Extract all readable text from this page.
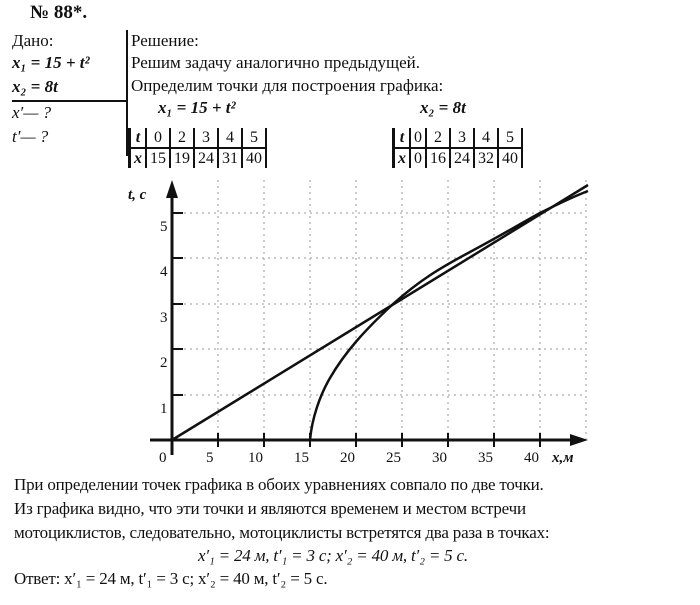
№ 88*.
Дано:
x₁ = 15 + t²
x₂ = 8t
x′— ?
t′— ?
Решение:
Решим задачу аналогично предыдущей.
Определим точки для построения графика:
x₁ = 15 + t²
t	0	2	3	4	5
x	15	19	24	31	40
x₂ = 8t
t	0	2	3	4	5
x	0	16	24	32	40
0	5 10 15 20 25 30 35 40 x,м
1
2
3
4
5
t, с
При определении точек графика в обоих уравнениях совпало по две точки.
Из графика видно, что эти точки и являются временем и местом встречи
мотоциклистов, следовательно, мотоциклисты встретятся два раза в точках:
x′₁ = 24 м, t′₁ = 3 с; x′₂ = 40 м, t′₂ = 5 с.
Ответ: x′₁ = 24 м, t′₁ = 3 с; x′₂ = 40 м, t′₂ = 5 с.
